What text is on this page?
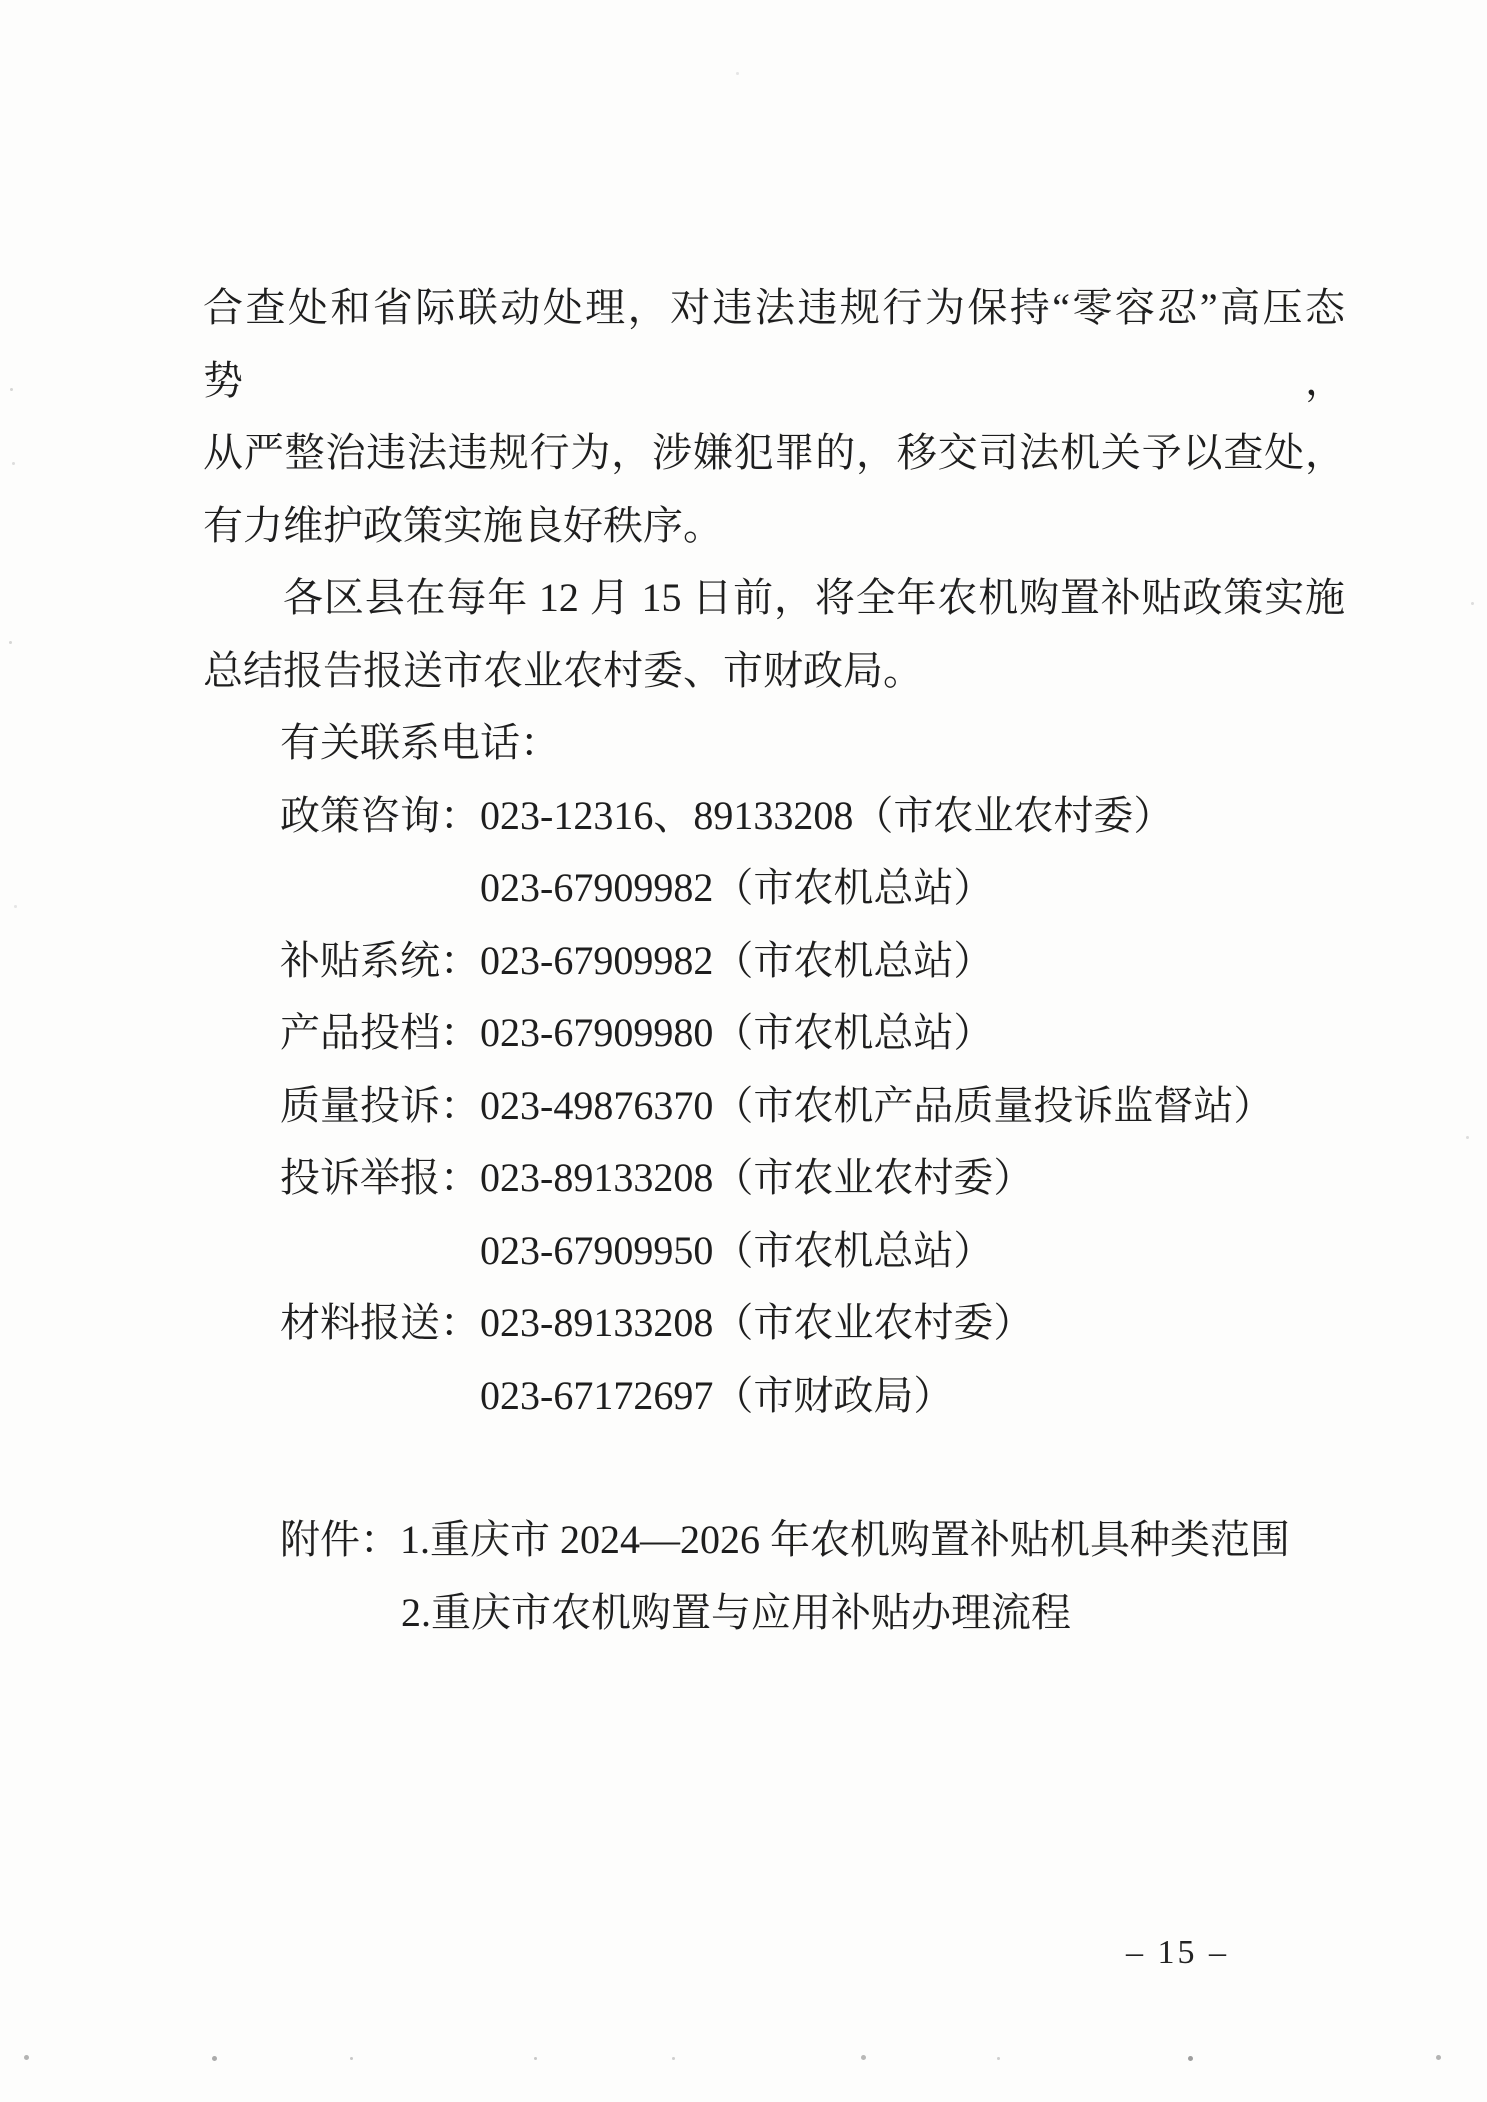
合查处和省际联动处理，对违法违规行为保持“零容忍”高压态势，
从严整治违法违规行为，涉嫌犯罪的，移交司法机关予以查处，
有力维护政策实施良好秩序。
各区县在每年 12 月 15 日前，将全年农机购置补贴政策实施
总结报告报送市农业农村委、市财政局。
有关联系电话：
政策咨询：023-12316、89133208（市农业农村委）
023-67909982（市农机总站）
补贴系统：023-67909982（市农机总站）
产品投档：023-67909980（市农机总站）
质量投诉：023-49876370（市农机产品质量投诉监督站）
投诉举报：023-89133208（市农业农村委）
023-67909950（市农机总站）
材料报送：023-89133208（市农业农村委）
023-67172697（市财政局）
附件：1.重庆市 2024—2026 年农机购置补贴机具种类范围
2.重庆市农机购置与应用补贴办理流程
– 15 –
